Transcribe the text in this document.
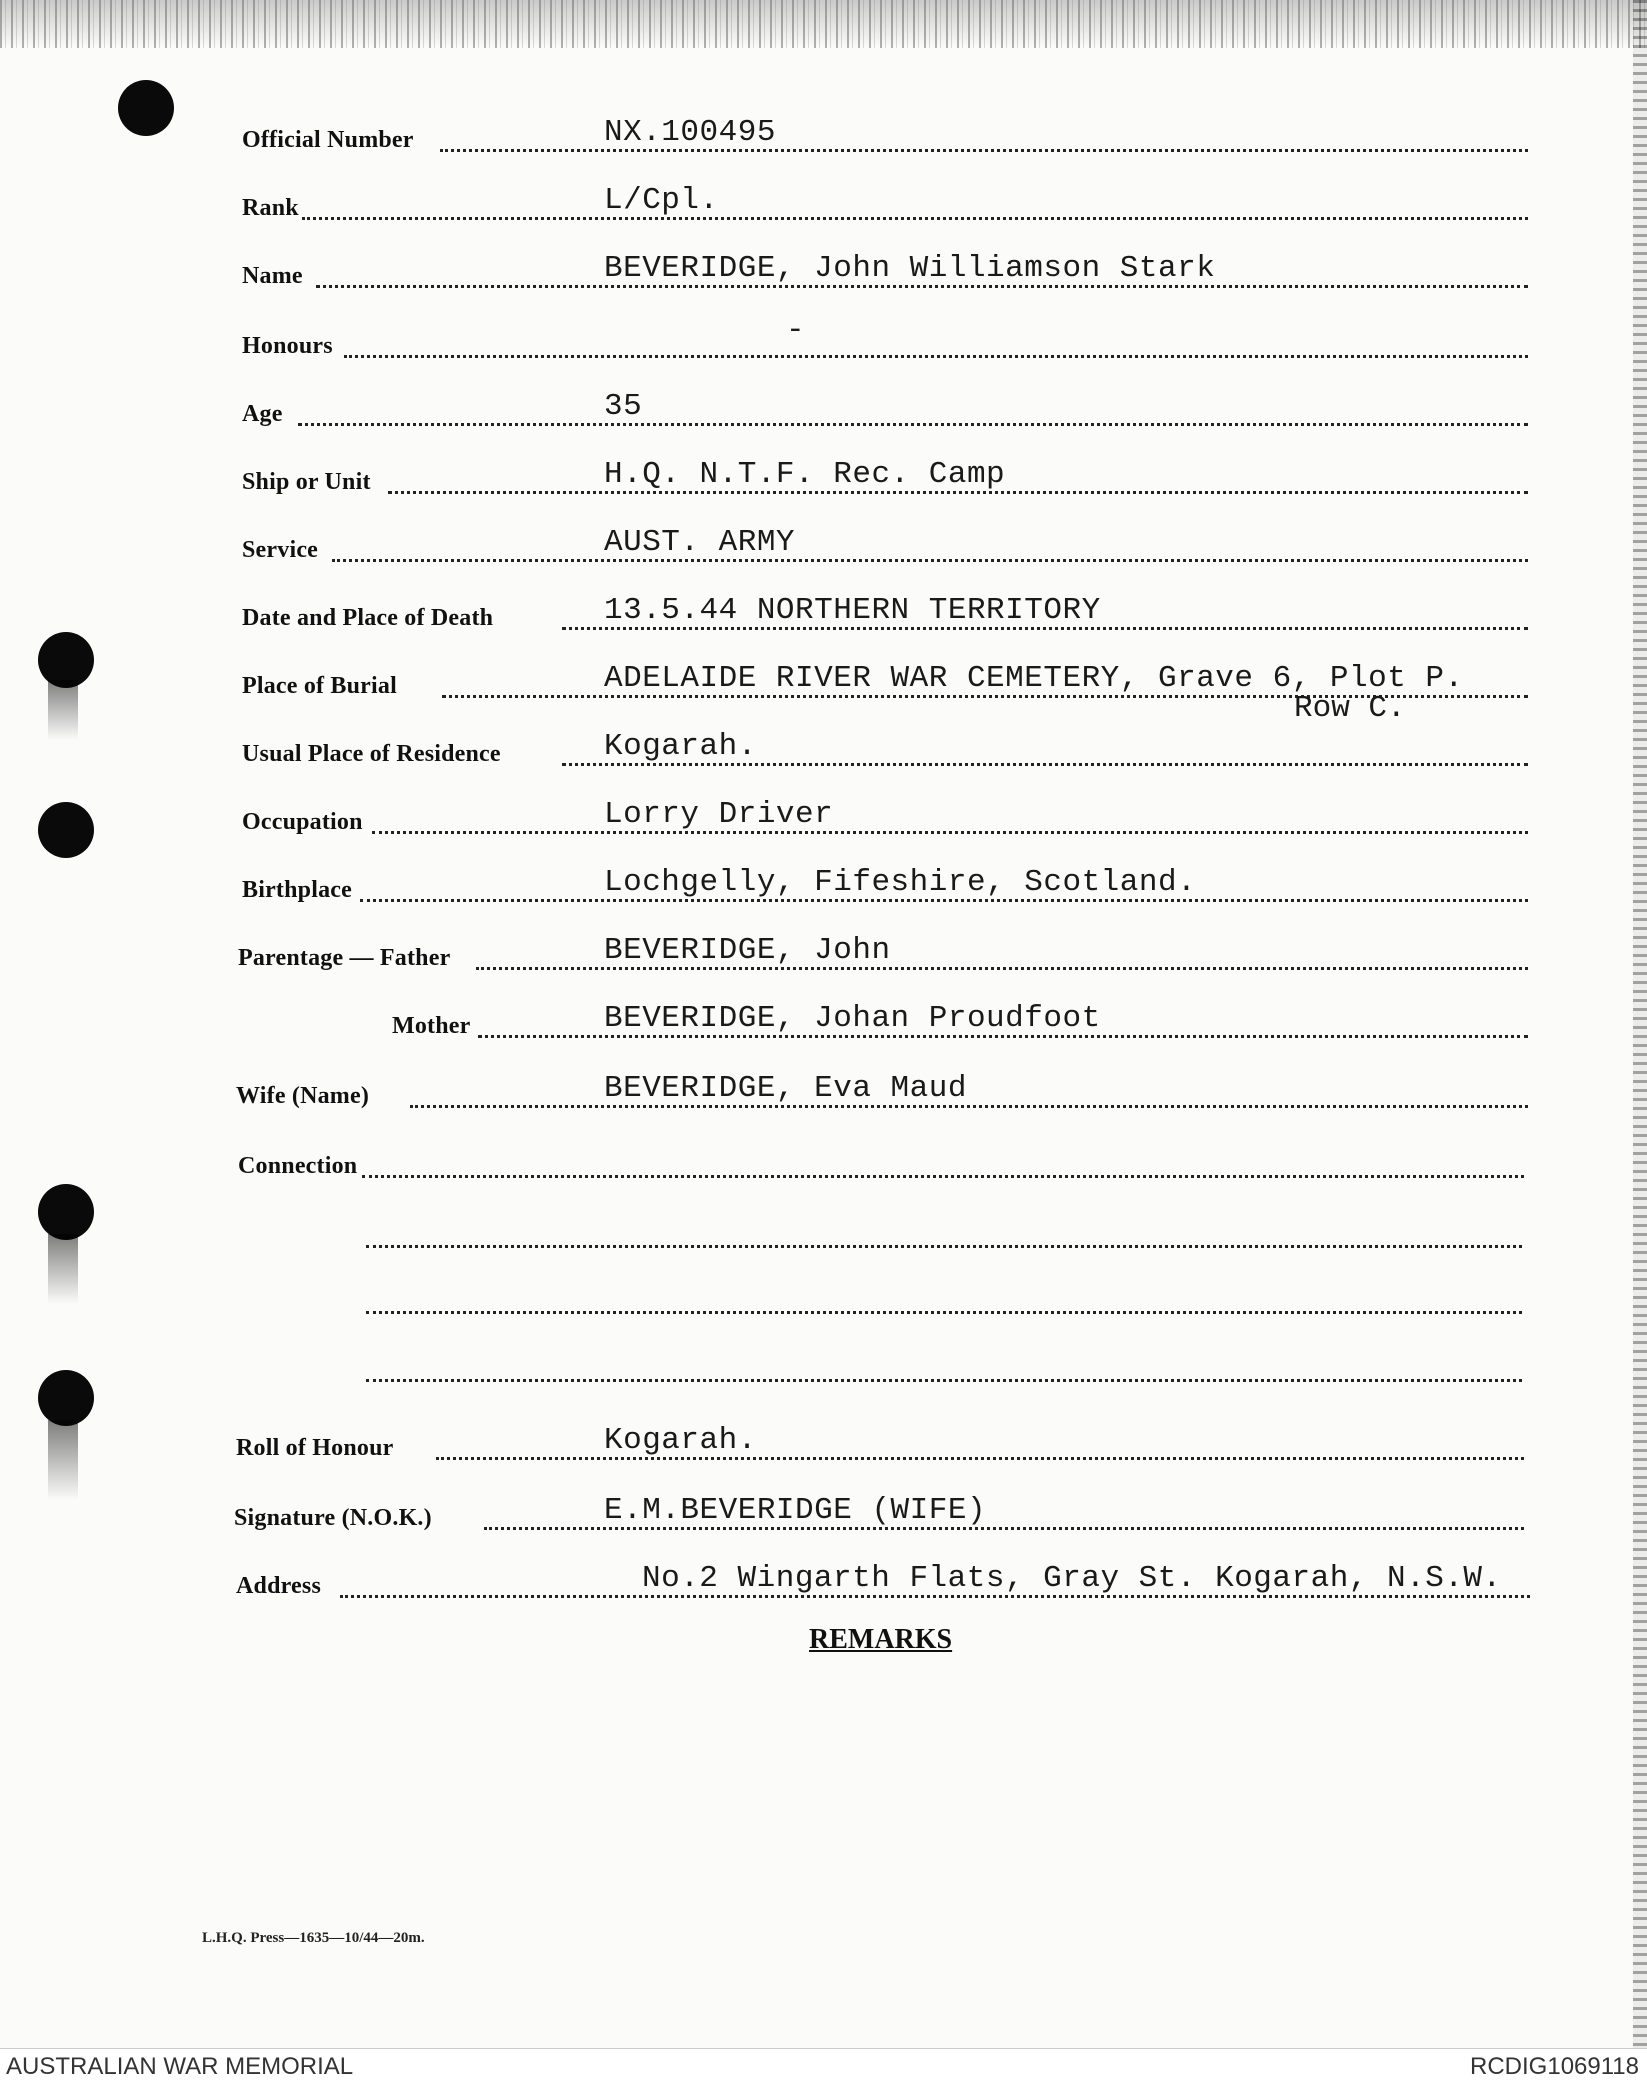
Official Number	NX.100495
Rank	L/Cpl.
Name	BEVERIDGE, John Williamson Stark
Honours	-
Age	35
Ship or Unit	H.Q. N.T.F. Rec. Camp
Service	AUST. ARMY
Date and Place of Death	13.5.44 NORTHERN TERRITORY
Place of Burial	ADELAIDE RIVER WAR CEMETERY, Grave 6, Plot P.
Row C.
Usual Place of Residence	Kogarah.
Occupation	Lorry Driver
Birthplace	Lochgelly, Fifeshire, Scotland.
Parentage — Father	BEVERIDGE, John
Mother	BEVERIDGE, Johan Proudfoot
Wife (Name)	BEVERIDGE, Eva Maud
Connection
Roll of Honour	Kogarah.
Signature (N.O.K.)	E.M.BEVERIDGE (WIFE)
Address	No.2 Wingarth Flats, Gray St. Kogarah, N.S.W.
REMARKS
L.H.Q. Press—1635—10/44—20m.
AUSTRALIAN WAR MEMORIAL	RCDIG1069118
